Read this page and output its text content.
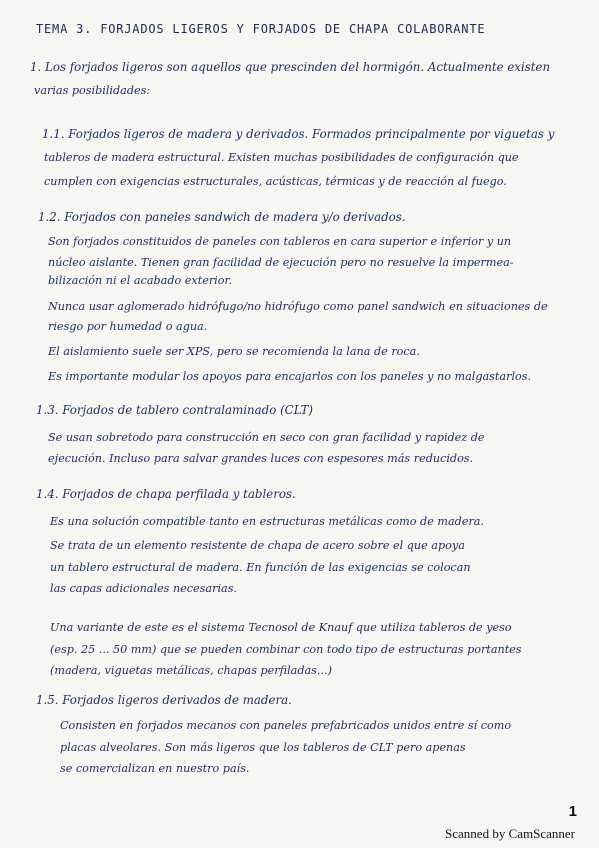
TEMA 3. FORJADOS LIGEROS Y FORJADOS DE CHAPA COLABORANTE
1. Los forjados ligeros son aquellos que prescinden del hormigón. Actualmente existen
varias posibilidades:
1.1. Forjados ligeros de madera y derivados. Formados principalmente por viguetas y
tableros de madera estructural. Existen muchas posibilidades de configuración que
cumplen con exigencias estructurales, acústicas, térmicas y de reacción al fuego.
1.2. Forjados con paneles sandwich de madera y/o derivados.
Son forjados constituidos de paneles con tableros en cara superior e inferior y un
núcleo aislante. Tienen gran facilidad de ejecución pero no resuelve la impermea-
bilización ni el acabado exterior.
Nunca usar aglomerado hidrófugo/no hidrófugo como panel sandwich en situaciones de
riesgo por humedad o agua.
El aislamiento suele ser XPS, pero se recomienda la lana de roca.
Es importante modular los apoyos para encajarlos con los paneles y no malgastarlos.
1.3. Forjados de tablero contralaminado (CLT)
Se usan sobretodo para construcción en seco con gran facilidad y rapidez de
ejecución. Incluso para salvar grandes luces con espesores más reducidos.
1.4. Forjados de chapa perfilada y tableros.
Es una solución compatible tanto en estructuras metálicas como de madera.
Se trata de un elemento resistente de chapa de acero sobre el que apoya
un tablero estructural de madera. En función de las exigencias se colocan
las capas adicionales necesarias.
Una variante de este es el sistema Tecnosol de Knauf que utiliza tableros de yeso
(esp. 25 ... 50 mm) que se pueden combinar con todo tipo de estructuras portantes
(madera, viguetas metálicas, chapas perfiladas...)
1.5. Forjados ligeros derivados de madera.
Consisten en forjados mecanos con paneles prefabricados unidos entre sí como
placas alveolares. Son más ligeros que los tableros de CLT pero apenas
se comercializan en nuestro país.
1
Scanned by CamScanner
